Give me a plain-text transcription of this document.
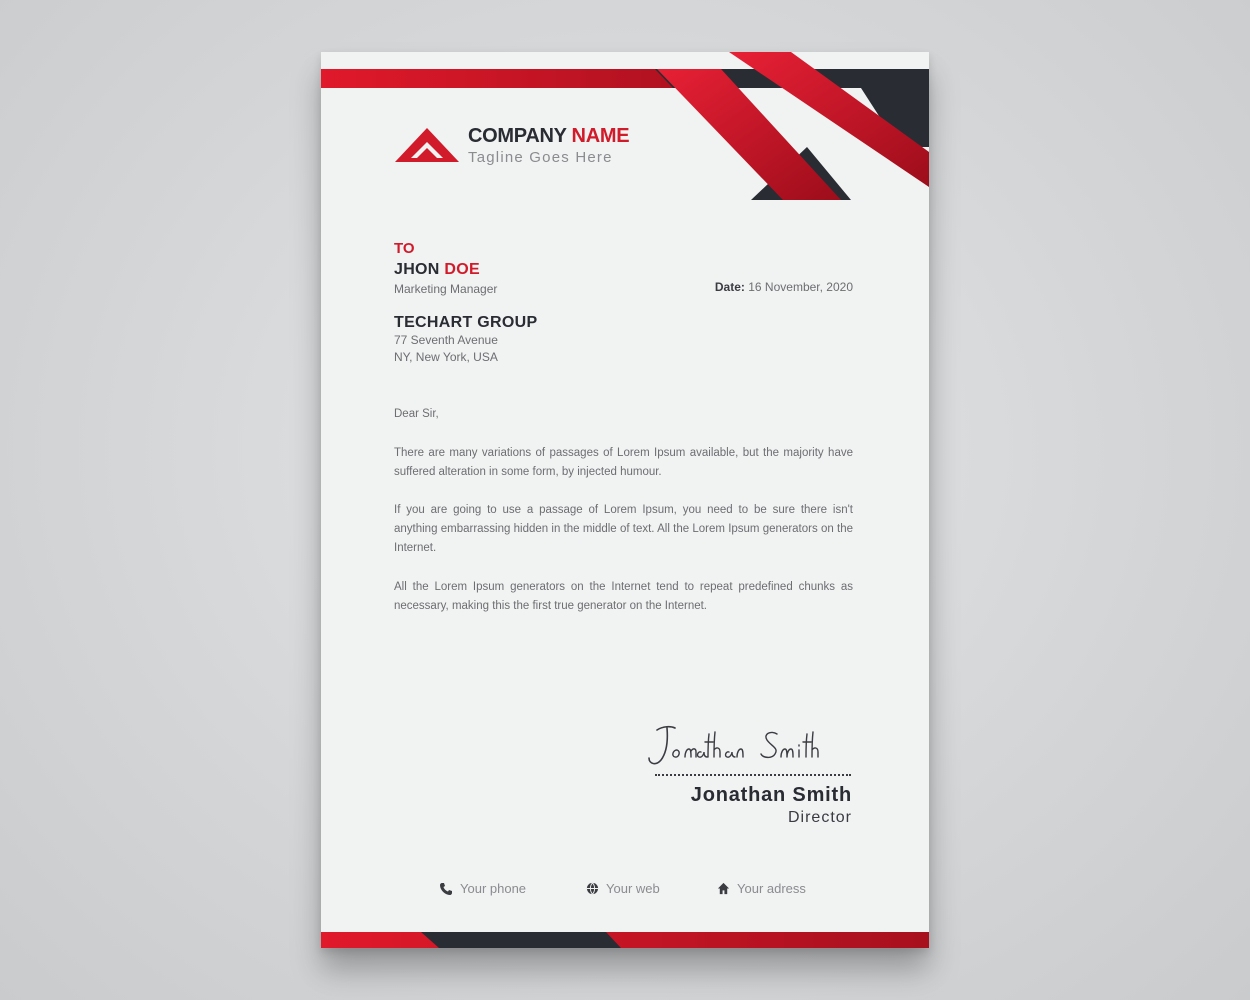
COMPANY NAME
Tagline Goes Here
TO
JHON DOE
Marketing Manager	Date: 16 November, 2020
TECHART GROUP
77 Seventh Avenue
NY, New York, USA
Dear Sir,
There are many variations of passages of Lorem Ipsum available, but the majority have suffered alteration in some form, by injected humour.
If you are going to use a passage of Lorem Ipsum, you need to be sure there isn't anything embarrassing hidden in the middle of text. All the Lorem Ipsum generators on the Internet.
All the Lorem Ipsum generators on the Internet tend to repeat predefined chunks as necessary, making this the first true generator on the Internet.
Jonathan Smith
Director
Your phone	Your web	Your adress
